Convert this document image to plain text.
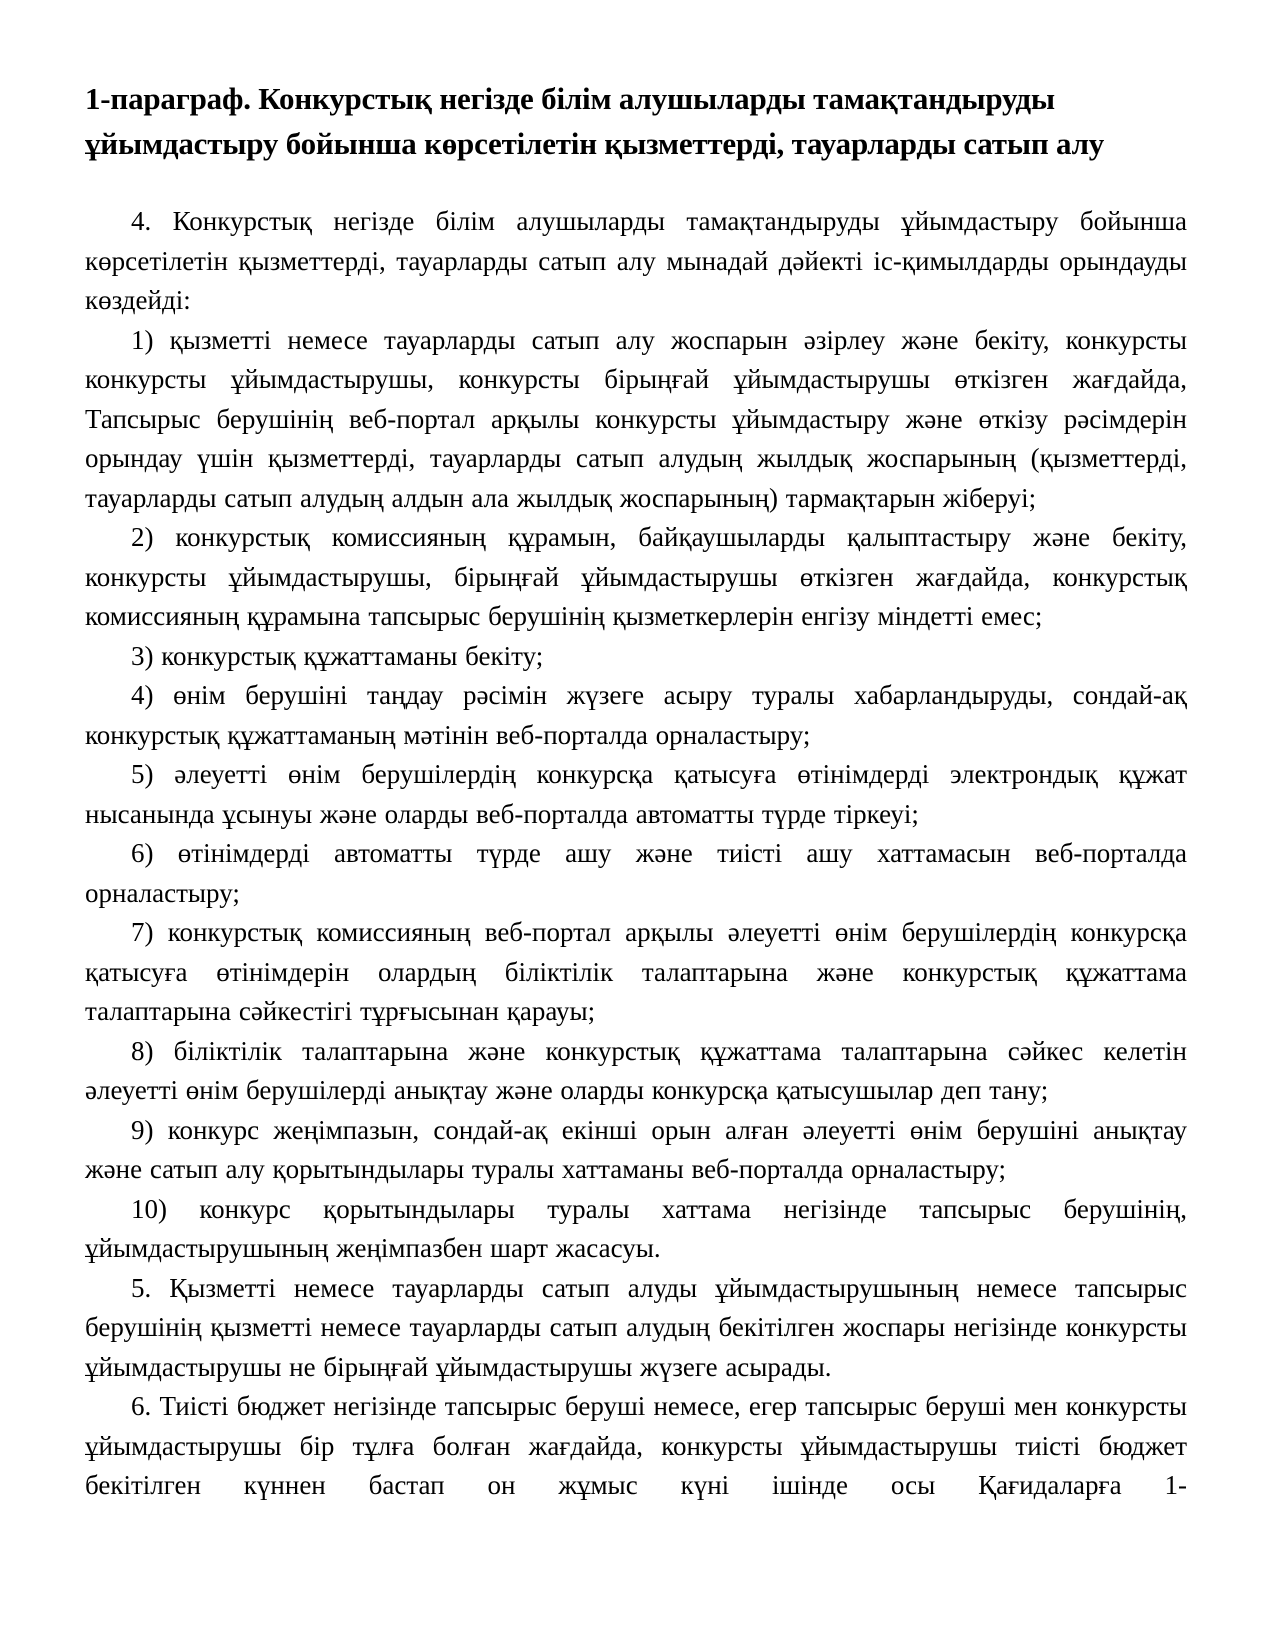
1-параграф. Конкурстық негізде білім алушыларды тамақтандыруды
ұйымдастыру бойынша көрсетілетін қызметтерді, тауарларды сатып алу

4. Конкурстық негізде білім алушыларды тамақтандыруды ұйымдастыру бойынша көрсетілетін қызметтерді, тауарларды сатып алу мынадай дәйекті іс-қимылдарды орындауды көздейді:

1) қызметті немесе тауарларды сатып алу жоспарын әзірлеу және бекіту, конкурсты конкурсты ұйымдастырушы, конкурсты бірыңғай ұйымдастырушы өткізген жағдайда, Тапсырыс берушінің веб-портал арқылы конкурсты ұйымдастыру және өткізу рәсімдерін орындау үшін қызметтерді, тауарларды сатып алудың жылдық жоспарының (қызметтерді, тауарларды сатып алудың алдын ала жылдық жоспарының) тармақтарын жіберуі;

2) конкурстық комиссияның құрамын, байқаушыларды қалыптастыру және бекіту, конкурсты ұйымдастырушы, бірыңғай ұйымдастырушы өткізген жағдайда, конкурстық комиссияның құрамына тапсырыс берушінің қызметкерлерін енгізу міндетті емес;

3) конкурстық құжаттаманы бекіту;

4) өнім берушіні таңдау рәсімін жүзеге асыру туралы хабарландыруды, сондай-ақ конкурстық құжаттаманың мәтінін веб-порталда орналастыру;

5) әлеуетті өнім берушілердің конкурсқа қатысуға өтінімдерді электрондық құжат нысанында ұсынуы және оларды веб-порталда автоматты түрде тіркеуі;

6) өтінімдерді автоматты түрде ашу және тиісті ашу хаттамасын веб-порталда орналастыру;

7) конкурстық комиссияның веб-портал арқылы әлеуетті өнім берушілердің конкурсқа қатысуға өтінімдерін олардың біліктілік талаптарына және конкурстық құжаттама талаптарына сәйкестігі тұрғысынан қарауы;

8) біліктілік талаптарына және конкурстық құжаттама талаптарына сәйкес келетін әлеуетті өнім берушілерді анықтау және оларды конкурсқа қатысушылар деп тану;

9) конкурс жеңімпазын, сондай-ақ екінші орын алған әлеуетті өнім берушіні анықтау және сатып алу қорытындылары туралы хаттаманы веб-порталда орналастыру;

10) конкурс қорытындылары туралы хаттама негізінде тапсырыс берушінің, ұйымдастырушының жеңімпазбен шарт жасасуы.

5. Қызметті немесе тауарларды сатып алуды ұйымдастырушының немесе тапсырыс берушінің қызметті немесе тауарларды сатып алудың бекітілген жоспары негізінде конкурсты ұйымдастырушы не бірыңғай ұйымдастырушы жүзеге асырады.

6. Тиісті бюджет негізінде тапсырыс беруші немесе, егер тапсырыс беруші мен конкурсты ұйымдастырушы бір тұлға болған жағдайда, конкурсты ұйымдастырушы тиісті бюджет бекітілген күннен бастап он жұмыс күні ішінде осы Қағидаларға 1-
